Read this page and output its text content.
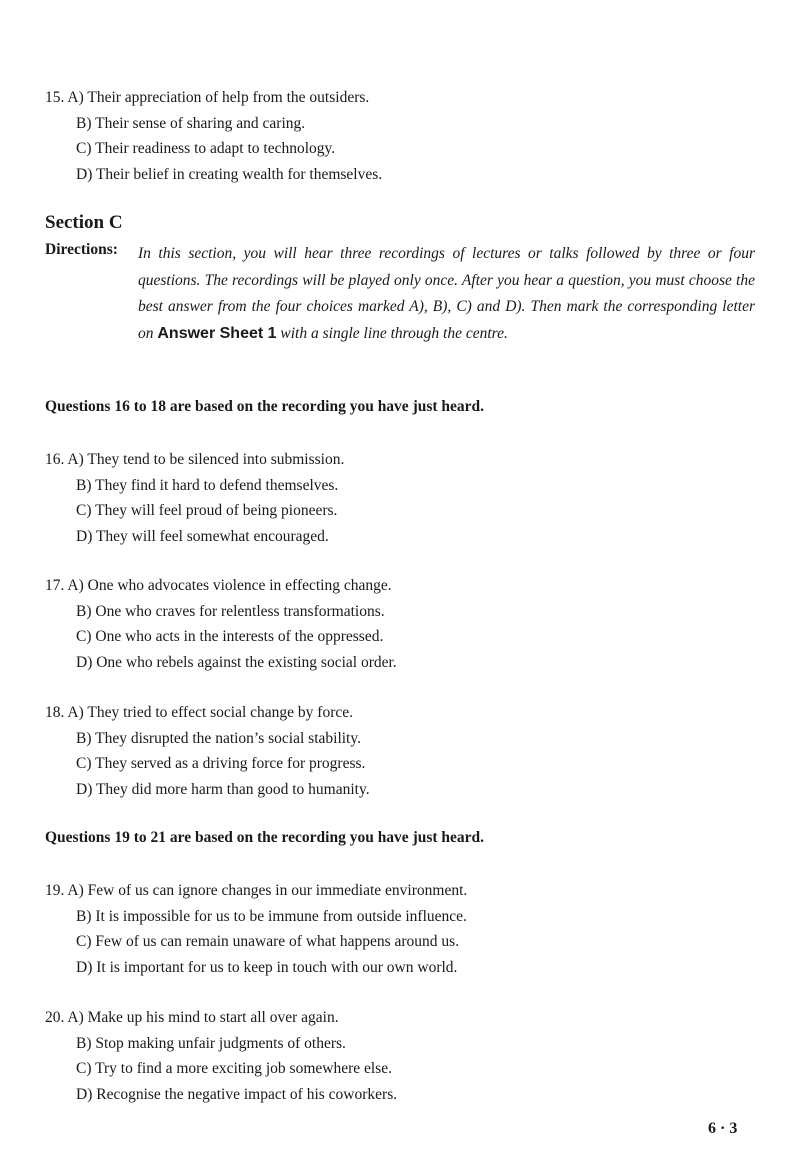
15. A) Their appreciation of help from the outsiders.
B) Their sense of sharing and caring.
C) Their readiness to adapt to technology.
D) Their belief in creating wealth for themselves.
Section C
Directions: In this section, you will hear three recordings of lectures or talks followed by three or four questions. The recordings will be played only once. After you hear a question, you must choose the best answer from the four choices marked A), B), C) and D). Then mark the corresponding letter on Answer Sheet 1 with a single line through the centre.
Questions 16 to 18 are based on the recording you have just heard.
16. A) They tend to be silenced into submission.
B) They find it hard to defend themselves.
C) They will feel proud of being pioneers.
D) They will feel somewhat encouraged.
17. A) One who advocates violence in effecting change.
B) One who craves for relentless transformations.
C) One who acts in the interests of the oppressed.
D) One who rebels against the existing social order.
18. A) They tried to effect social change by force.
B) They disrupted the nation’s social stability.
C) They served as a driving force for progress.
D) They did more harm than good to humanity.
Questions 19 to 21 are based on the recording you have just heard.
19. A) Few of us can ignore changes in our immediate environment.
B) It is impossible for us to be immune from outside influence.
C) Few of us can remain unaware of what happens around us.
D) It is important for us to keep in touch with our own world.
20. A) Make up his mind to start all over again.
B) Stop making unfair judgments of others.
C) Try to find a more exciting job somewhere else.
D) Recognise the negative impact of his coworkers.
6 · 3
